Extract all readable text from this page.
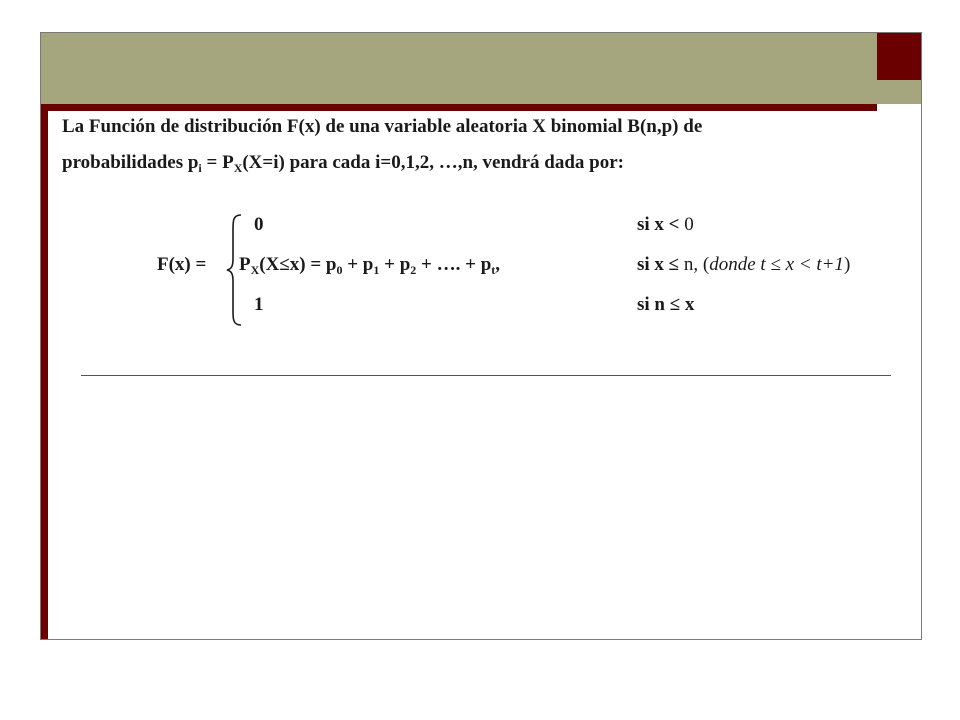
La Función de distribución F(x) de una variable aleatoria X binomial B(n,p) de
probabilidades $p_i = P_X(X=i)$ para cada i=0,1,2, …,n, vendrá dada por:
0	si x < 0
$F(x) = P_X(X\le x) = p_0 + p_1 + p_2$ + …. + $p_t$,	si x ≤ n, (donde t ≤ x < t+1)
1	si n ≤ x
